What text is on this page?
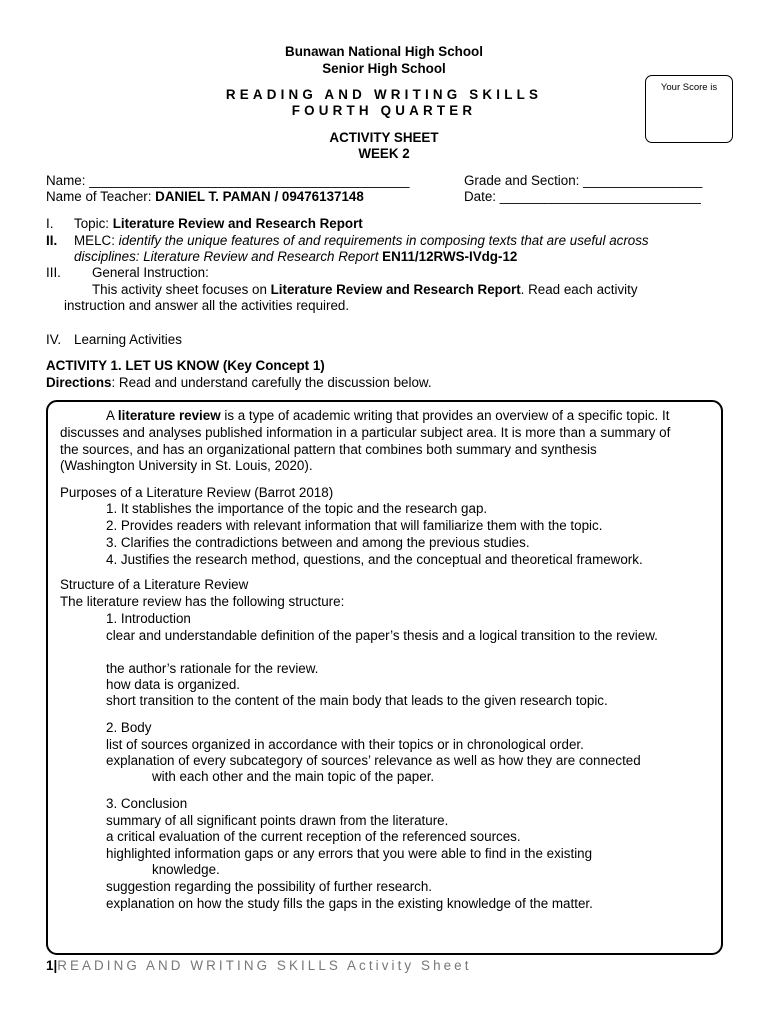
Bunawan National High School
Senior High School
READING AND WRITING SKILLS
FOURTH QUARTER
ACTIVITY SHEET
WEEK 2
Your Score is
Name: ___________________________________________	Grade and Section: ________________
Name of Teacher: DANIEL T. PAMAN / 09476137148	Date: ___________________________
I. Topic: Literature Review and Research Report
II. MELC: identify the unique features of and requirements in composing texts that are useful across
disciplines: Literature Review and Research Report EN11/12RWS-IVdg-12
III. General Instruction:
This activity sheet focuses on Literature Review and Research Report. Read each activity
instruction and answer all the activities required.
IV. Learning Activities
ACTIVITY 1. LET US KNOW (Key Concept 1)
Directions: Read and understand carefully the discussion below.
A literature review is a type of academic writing that provides an overview of a specific topic. It
discusses and analyses published information in a particular subject area. It is more than a summary of
the sources, and has an organizational pattern that combines both summary and synthesis
(Washington University in St. Louis, 2020).
Purposes of a Literature Review (Barrot 2018)
1. It stablishes the importance of the topic and the research gap.
2. Provides readers with relevant information that will familiarize them with the topic.
3. Clarifies the contradictions between and among the previous studies.
4. Justifies the research method, questions, and the conceptual and theoretical framework.
Structure of a Literature Review
The literature review has the following structure:
1. Introduction
clear and understandable definition of the paper’s thesis and a logical transition to the review.
the author’s rationale for the review.
how data is organized.
short transition to the content of the main body that leads to the given research topic.
2. Body
list of sources organized in accordance with their topics or in chronological order.
explanation of every subcategory of sources’ relevance as well as how they are connected
with each other and the main topic of the paper.
3. Conclusion
summary of all significant points drawn from the literature.
a critical evaluation of the current reception of the referenced sources.
highlighted information gaps or any errors that you were able to find in the existing
knowledge.
suggestion regarding the possibility of further research.
explanation on how the study fills the gaps in the existing knowledge of the matter.
1|READING AND WRITING SKILLS Activity Sheet
